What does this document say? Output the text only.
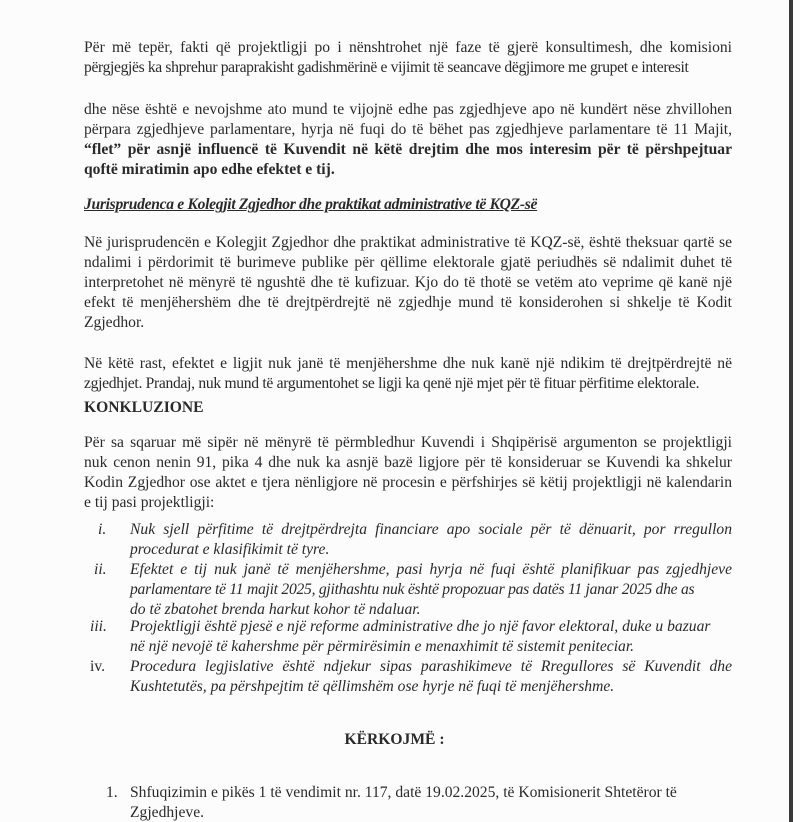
Për më tepër, fakti që projektligji po i nënshtrohet një faze të gjerë konsultimesh, dhe komisioni
përgjegjës ka shprehur paraprakisht gadishmërinë e vijimit të seancave dëgjimore me grupet e interesit
dhe nëse është e nevojshme ato mund te vijojnë edhe pas zgjedhjeve apo në kundërt nëse zhvillohen
përpara zgjedhjeve parlamentare, hyrja në fuqi do të bëhet pas zgjedhjeve parlamentare të 11 Majit,
“flet” për asnjë influencë të Kuvendit në këtë drejtim dhe mos interesim për të përshpejtuar
qoftë miratimin apo edhe efektet e tij.
Jurisprudenca e Kolegjit Zgjedhor dhe praktikat administrative të KQZ-së
Në jurisprudencën e Kolegjit Zgjedhor dhe praktikat administrative të KQZ-së, është theksuar qartë se
ndalimi i përdorimit të burimeve publike për qëllime elektorale gjatë periudhës së ndalimit duhet të
interpretohet në mënyrë të ngushtë dhe të kufizuar. Kjo do të thotë se vetëm ato veprime që kanë një
efekt të menjëhershëm dhe të drejtpërdrejtë në zgjedhje mund të konsiderohen si shkelje të Kodit
Zgjedhor.
Në këtë rast, efektet e ligjit nuk janë të menjëhershme dhe nuk kanë një ndikim të drejtpërdrejtë në
zgjedhjet. Prandaj, nuk mund të argumentohet se ligji ka qenë një mjet për të fituar përfitime elektorale.
KONKLUZIONE
Për sa sqaruar më sipër në mënyrë të përmbledhur Kuvendi i Shqipërisë argumenton se projektligji
nuk cenon nenin 91, pika 4 dhe nuk ka asnjë bazë ligjore për të konsideruar se Kuvendi ka shkelur
Kodin Zgjedhor ose aktet e tjera nënligjore në procesin e përfshirjes së këtij projektligji në kalendarin
e tij pasi projektligji:
i.	Nuk sjell përfitime të drejtpërdrejta financiare apo sociale për të dënuarit, por rregullon
procedurat e klasifikimit të tyre.
ii.	Efektet e tij nuk janë të menjëhershme, pasi hyrja në fuqi është planifikuar pas zgjedhjeve
parlamentare të 11 majit 2025, gjithashtu nuk është propozuar pas datës 11 janar 2025 dhe as
do të zbatohet brenda harkut kohor të ndaluar.
iii.	Projektligji është pjesë e një reforme administrative dhe jo një favor elektoral, duke u bazuar
në një nevojë të kahershme për përmirësimin e menaxhimit të sistemit peniteciar.
iv.	Procedura legjislative është ndjekur sipas parashikimeve të Rregullores së Kuvendit dhe
Kushtetutës, pa përshpejtim të qëllimshëm ose hyrje në fuqi të menjëhershme.
KËRKOJMË :
1. Shfuqizimin e pikës 1 të vendimit nr. 117, datë 19.02.2025, të Komisionerit Shtetëror të
Zgjedhjeve.
